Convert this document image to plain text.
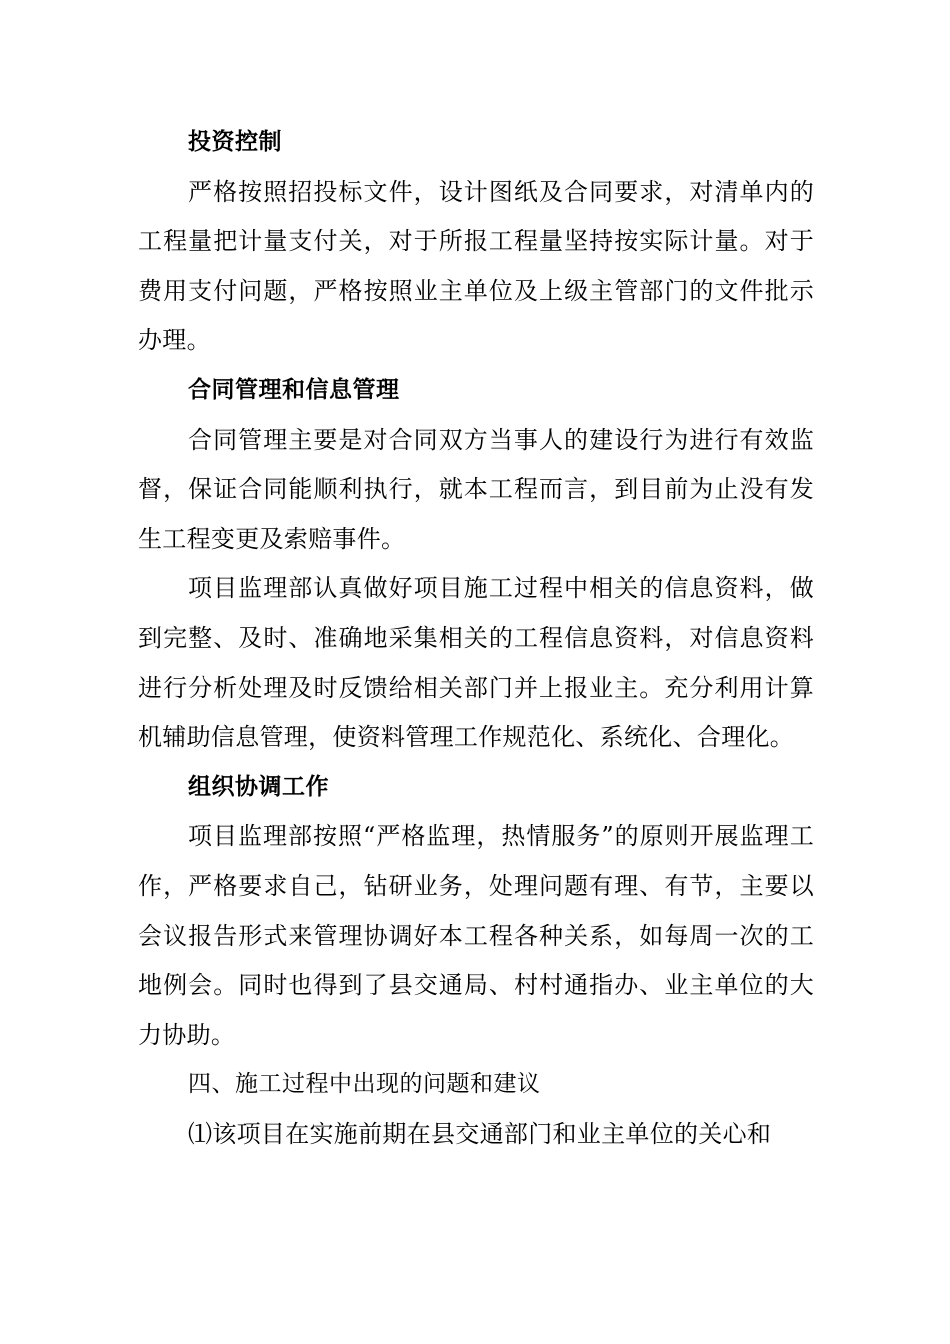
投资控制

严格按照招投标文件，设计图纸及合同要求，对清单内的工程量把计量支付关，对于所报工程量坚持按实际计量。对于费用支付问题，严格按照业主单位及上级主管部门的文件批示办理。

合同管理和信息管理

合同管理主要是对合同双方当事人的建设行为进行有效监督，保证合同能顺利执行，就本工程而言，到目前为止没有发生工程变更及索赔事件。

项目监理部认真做好项目施工过程中相关的信息资料，做到完整、及时、准确地采集相关的工程信息资料，对信息资料进行分析处理及时反馈给相关部门并上报业主。充分利用计算机辅助信息管理，使资料管理工作规范化、系统化、合理化。

组织协调工作

项目监理部按照“严格监理，热情服务”的原则开展监理工作，严格要求自己，钻研业务，处理问题有理、有节，主要以会议报告形式来管理协调好本工程各种关系，如每周一次的工地例会。同时也得到了县交通局、村村通指办、业主单位的大力协助。

四、施工过程中出现的问题和建议

⑴该项目在实施前期在县交通部门和业主单位的关心和
